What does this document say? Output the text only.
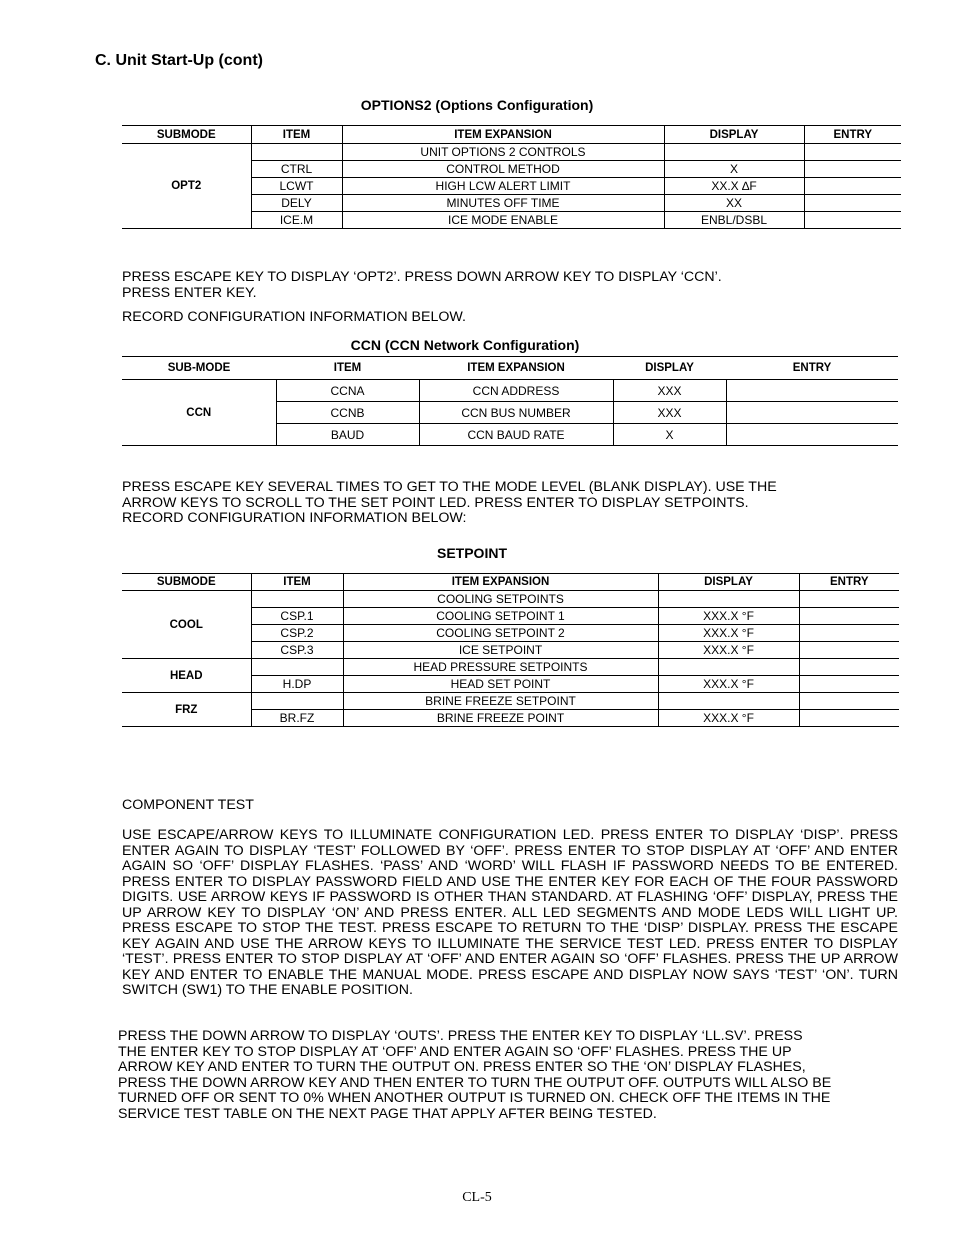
C. Unit Start-Up (cont)
OPTIONS2 (Options Configuration)
SUBMODE	ITEM	ITEM EXPANSION	DISPLAY	ENTRY
OPT2		UNIT OPTIONS 2 CONTROLS		
	CTRL	CONTROL METHOD	X	
	LCWT	HIGH LCW ALERT LIMIT	XX.X ∆F	
	DELY	MINUTES OFF TIME	XX	
	ICE.M	ICE MODE ENABLE	ENBL/DSBL	
PRESS ESCAPE KEY TO DISPLAY ‘OPT2’. PRESS DOWN ARROW KEY TO DISPLAY ‘CCN’.
PRESS ENTER KEY.
RECORD CONFIGURATION INFORMATION BELOW.
CCN (CCN Network Configuration)
SUB-MODE	ITEM	ITEM EXPANSION	DISPLAY	ENTRY
CCN	CCNA	CCN ADDRESS	XXX	
	CCNB	CCN BUS NUMBER	XXX	
	BAUD	CCN BAUD RATE	X	
PRESS ESCAPE KEY SEVERAL TIMES TO GET TO THE MODE LEVEL (BLANK DISPLAY). USE THE
ARROW KEYS TO SCROLL TO THE SET POINT LED. PRESS ENTER TO DISPLAY SETPOINTS.
RECORD CONFIGURATION INFORMATION BELOW:
SETPOINT
SUBMODE	ITEM	ITEM EXPANSION	DISPLAY	ENTRY
COOL		COOLING SETPOINTS		
	CSP.1	COOLING SETPOINT 1	XXX.X °F	
	CSP.2	COOLING SETPOINT 2	XXX.X °F	
	CSP.3	ICE SETPOINT	XXX.X °F	
HEAD		HEAD PRESSURE SETPOINTS		
	H.DP	HEAD SET POINT	XXX.X °F	
FRZ		BRINE FREEZE SETPOINT		
	BR.FZ	BRINE FREEZE POINT	XXX.X °F	
COMPONENT TEST
USE ESCAPE/ARROW KEYS TO ILLUMINATE CONFIGURATION LED. PRESS ENTER TO DISPLAY ‘DISP’. PRESS ENTER AGAIN TO DISPLAY ‘TEST’ FOLLOWED BY ‘OFF’. PRESS ENTER TO STOP DISPLAY AT ‘OFF’ AND ENTER AGAIN SO ‘OFF’ DISPLAY FLASHES. ‘PASS’ AND ‘WORD’ WILL FLASH IF PASSWORD NEEDS TO BE ENTERED. PRESS ENTER TO DISPLAY PASSWORD FIELD AND USE THE ENTER KEY FOR EACH OF THE FOUR PASSWORD DIGITS. USE ARROW KEYS IF PASSWORD IS OTHER THAN STANDARD. AT FLASHING ‘OFF’ DISPLAY, PRESS THE UP ARROW KEY TO DISPLAY ‘ON’ AND PRESS ENTER. ALL LED SEGMENTS AND MODE LEDS WILL LIGHT UP. PRESS ESCAPE TO STOP THE TEST. PRESS ESCAPE TO RETURN TO THE ‘DISP’ DISPLAY. PRESS THE ESCAPE KEY AGAIN AND USE THE ARROW KEYS TO ILLUMINATE THE SERVICE TEST LED. PRESS ENTER TO DISPLAY ‘TEST’. PRESS ENTER TO STOP DISPLAY AT ‘OFF’ AND ENTER AGAIN SO ‘OFF’ FLASHES. PRESS THE UP ARROW KEY AND ENTER TO ENABLE THE MANUAL MODE. PRESS ESCAPE AND DISPLAY NOW SAYS ‘TEST’ ‘ON’. TURN SWITCH (SW1) TO THE ENABLE POSITION.
PRESS THE DOWN ARROW TO DISPLAY ‘OUTS’. PRESS THE ENTER KEY TO DISPLAY ‘LL.SV’. PRESS
THE ENTER KEY TO STOP DISPLAY AT ‘OFF’ AND ENTER AGAIN SO ‘OFF’ FLASHES. PRESS THE UP
ARROW KEY AND ENTER TO TURN THE OUTPUT ON. PRESS ENTER SO THE ‘ON’ DISPLAY FLASHES,
PRESS THE DOWN ARROW KEY AND THEN ENTER TO TURN THE OUTPUT OFF. OUTPUTS WILL ALSO BE
TURNED OFF OR SENT TO 0% WHEN ANOTHER OUTPUT IS TURNED ON. CHECK OFF THE ITEMS IN THE
SERVICE TEST TABLE ON THE NEXT PAGE THAT APPLY AFTER BEING TESTED.
CL-5
